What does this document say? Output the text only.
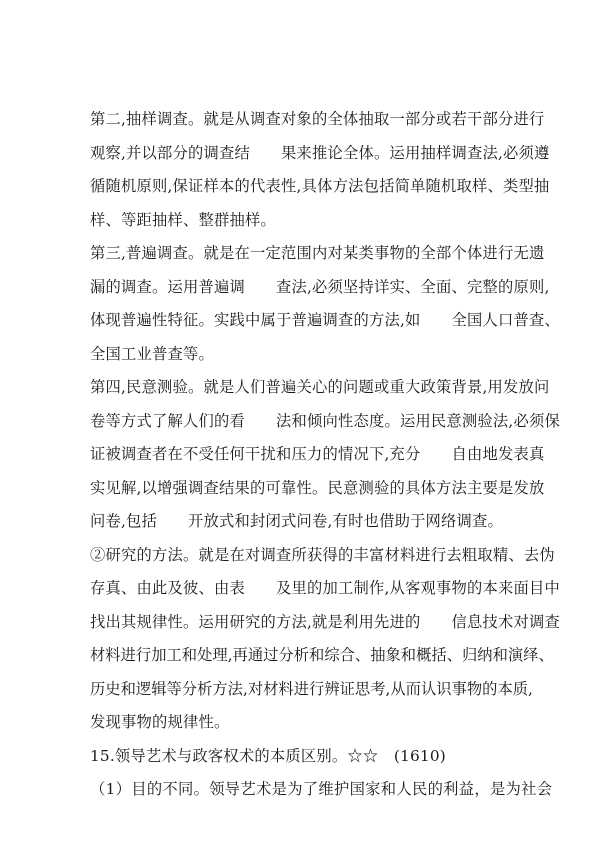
第二,抽样调查。就是从调查对象的全体抽取一部分或若干部分进行
观察,并以部分的调查结　　果来推论全体。运用抽样调查法,必须遵
循随机原则,保证样本的代表性,具体方法包括简单随机取样、类型抽
样、等距抽样、整群抽样。
第三,普遍调查。就是在一定范围内对某类事物的全部个体进行无遗
漏的调查。运用普遍调　　查法,必须坚持详实、全面、完整的原则,
体现普遍性特征。实践中属于普遍调查的方法,如　　全国人口普查、
全国工业普查等。
第四,民意测验。就是人们普遍关心的问题或重大政策背景,用发放问
卷等方式了解人们的看　　法和倾向性态度。运用民意测验法,必须保
证被调查者在不受任何干扰和压力的情况下,充分　　自由地发表真
实见解,以增强调查结果的可靠性。民意测验的具体方法主要是发放
问卷,包括　　开放式和封闭式问卷,有时也借助于网络调查。
②研究的方法。就是在对调查所获得的丰富材料进行去粗取精、去伪
存真、由此及彼、由表　　及里的加工制作,从客观事物的本来面目中
找出其规律性。运用研究的方法,就是利用先进的　　信息技术对调查
材料进行加工和处理,再通过分析和综合、抽象和概括、归纳和演绎、
历史和逻辑等分析方法,对材料进行辨证思考,从而认识事物的本质,
发现事物的规律性。
15.领导艺术与政客权术的本质区别。☆☆　(1610)
（1）目的不同。领导艺术是为了维护国家和人民的利益，是为社会
